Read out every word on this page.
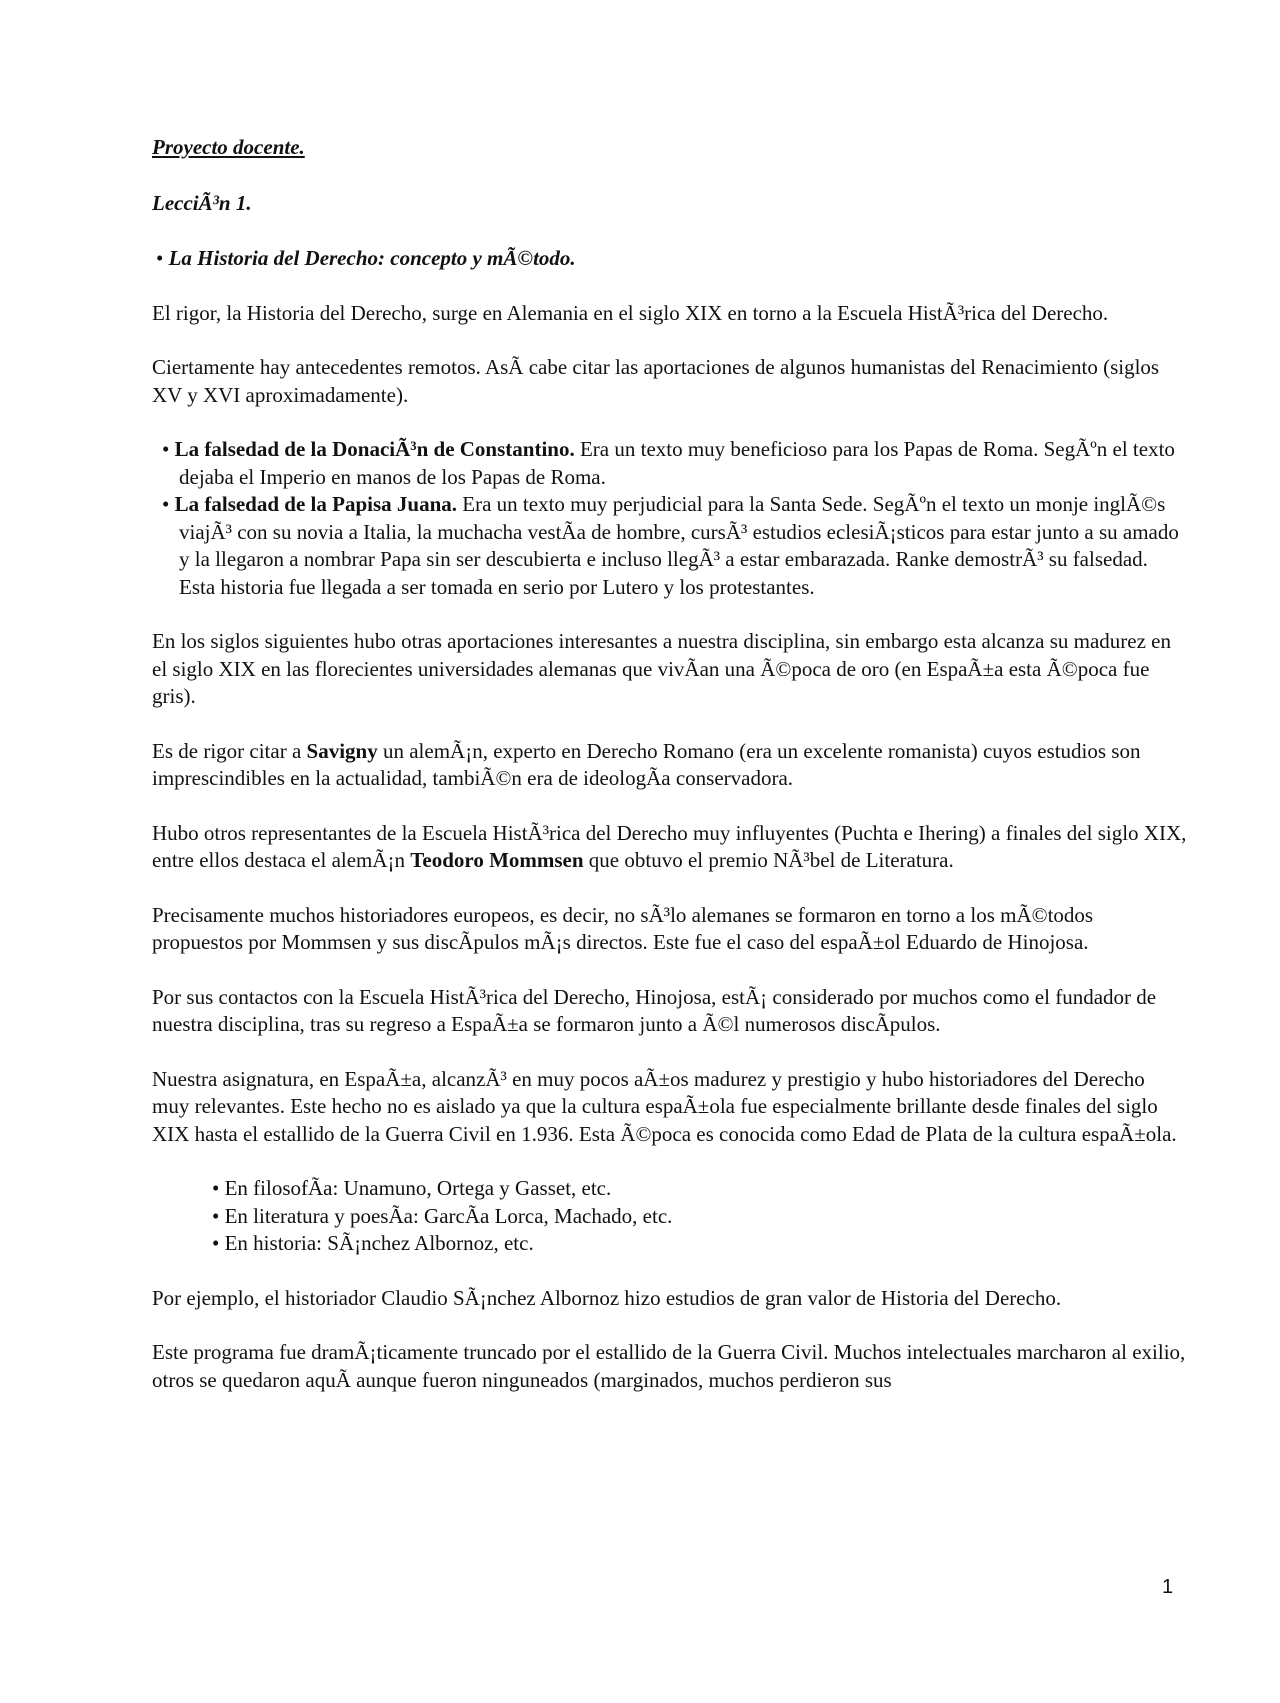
Proyecto docente.
LecciÃ³n 1.
• La Historia del Derecho: concepto y mÃ©todo.

El rigor, la Historia del Derecho, surge en Alemania en el siglo XIX en torno a la Escuela HistÃ³rica del Derecho.

Ciertamente hay antecedentes remotos. AsÃ cabe citar las aportaciones de algunos humanistas del Renacimiento (siglos XV y XVI aproximadamente).

• La falsedad de la DonaciÃ³n de Constantino. Era un texto muy beneficioso para los Papas de Roma. SegÃºn el texto dejaba el Imperio en manos de los Papas de Roma.
• La falsedad de la Papisa Juana. Era un texto muy perjudicial para la Santa Sede. SegÃºn el texto un monje inglÃ©s viajÃ³ con su novia a Italia, la muchacha vestÃa de hombre, cursÃ³ estudios eclesiÃ¡sticos para estar junto a su amado y la llegaron a nombrar Papa sin ser descubierta e incluso llegÃ³ a estar embarazada. Ranke demostrÃ³ su falsedad. Esta historia fue llegada a ser tomada en serio por Lutero y los protestantes.

En los siglos siguientes hubo otras aportaciones interesantes a nuestra disciplina, sin embargo esta alcanza su madurez en el siglo XIX en las florecientes universidades alemanas que vivÃan una Ã©poca de oro (en EspaÃ±a esta Ã©poca fue gris).

Es de rigor citar a Savigny un alemÃ¡n, experto en Derecho Romano (era un excelente romanista) cuyos estudios son imprescindibles en la actualidad, tambiÃ©n era de ideologÃa conservadora.

Hubo otros representantes de la Escuela HistÃ³rica del Derecho muy influyentes (Puchta e Ihering) a finales del siglo XIX, entre ellos destaca el alemÃ¡n Teodoro Mommsen que obtuvo el premio NÃ³bel de Literatura.

Precisamente muchos historiadores europeos, es decir, no sÃ³lo alemanes se formaron en torno a los mÃ©todos propuestos por Mommsen y sus discÃpulos mÃ¡s directos. Este fue el caso del espaÃ±ol Eduardo de Hinojosa.

Por sus contactos con la Escuela HistÃ³rica del Derecho, Hinojosa, estÃ¡ considerado por muchos como el fundador de nuestra disciplina, tras su regreso a EspaÃ±a se formaron junto a Ã©l numerosos discÃpulos.

Nuestra asignatura, en EspaÃ±a, alcanzÃ³ en muy pocos aÃ±os madurez y prestigio y hubo historiadores del Derecho muy relevantes. Este hecho no es aislado ya que la cultura espaÃ±ola fue especialmente brillante desde finales del siglo XIX hasta el estallido de la Guerra Civil en 1.936. Esta Ã©poca es conocida como Edad de Plata de la cultura espaÃ±ola.

• En filosofÃa: Unamuno, Ortega y Gasset, etc.
• En literatura y poesÃa: GarcÃa Lorca, Machado, etc.
• En historia: SÃ¡nchez Albornoz, etc.

Por ejemplo, el historiador Claudio SÃ¡nchez Albornoz hizo estudios de gran valor de Historia del Derecho.

Este programa fue dramÃ¡ticamente truncado por el estallido de la Guerra Civil. Muchos intelectuales marcharon al exilio, otros se quedaron aquÃ aunque fueron ninguneados (marginados, muchos perdieron sus

1
